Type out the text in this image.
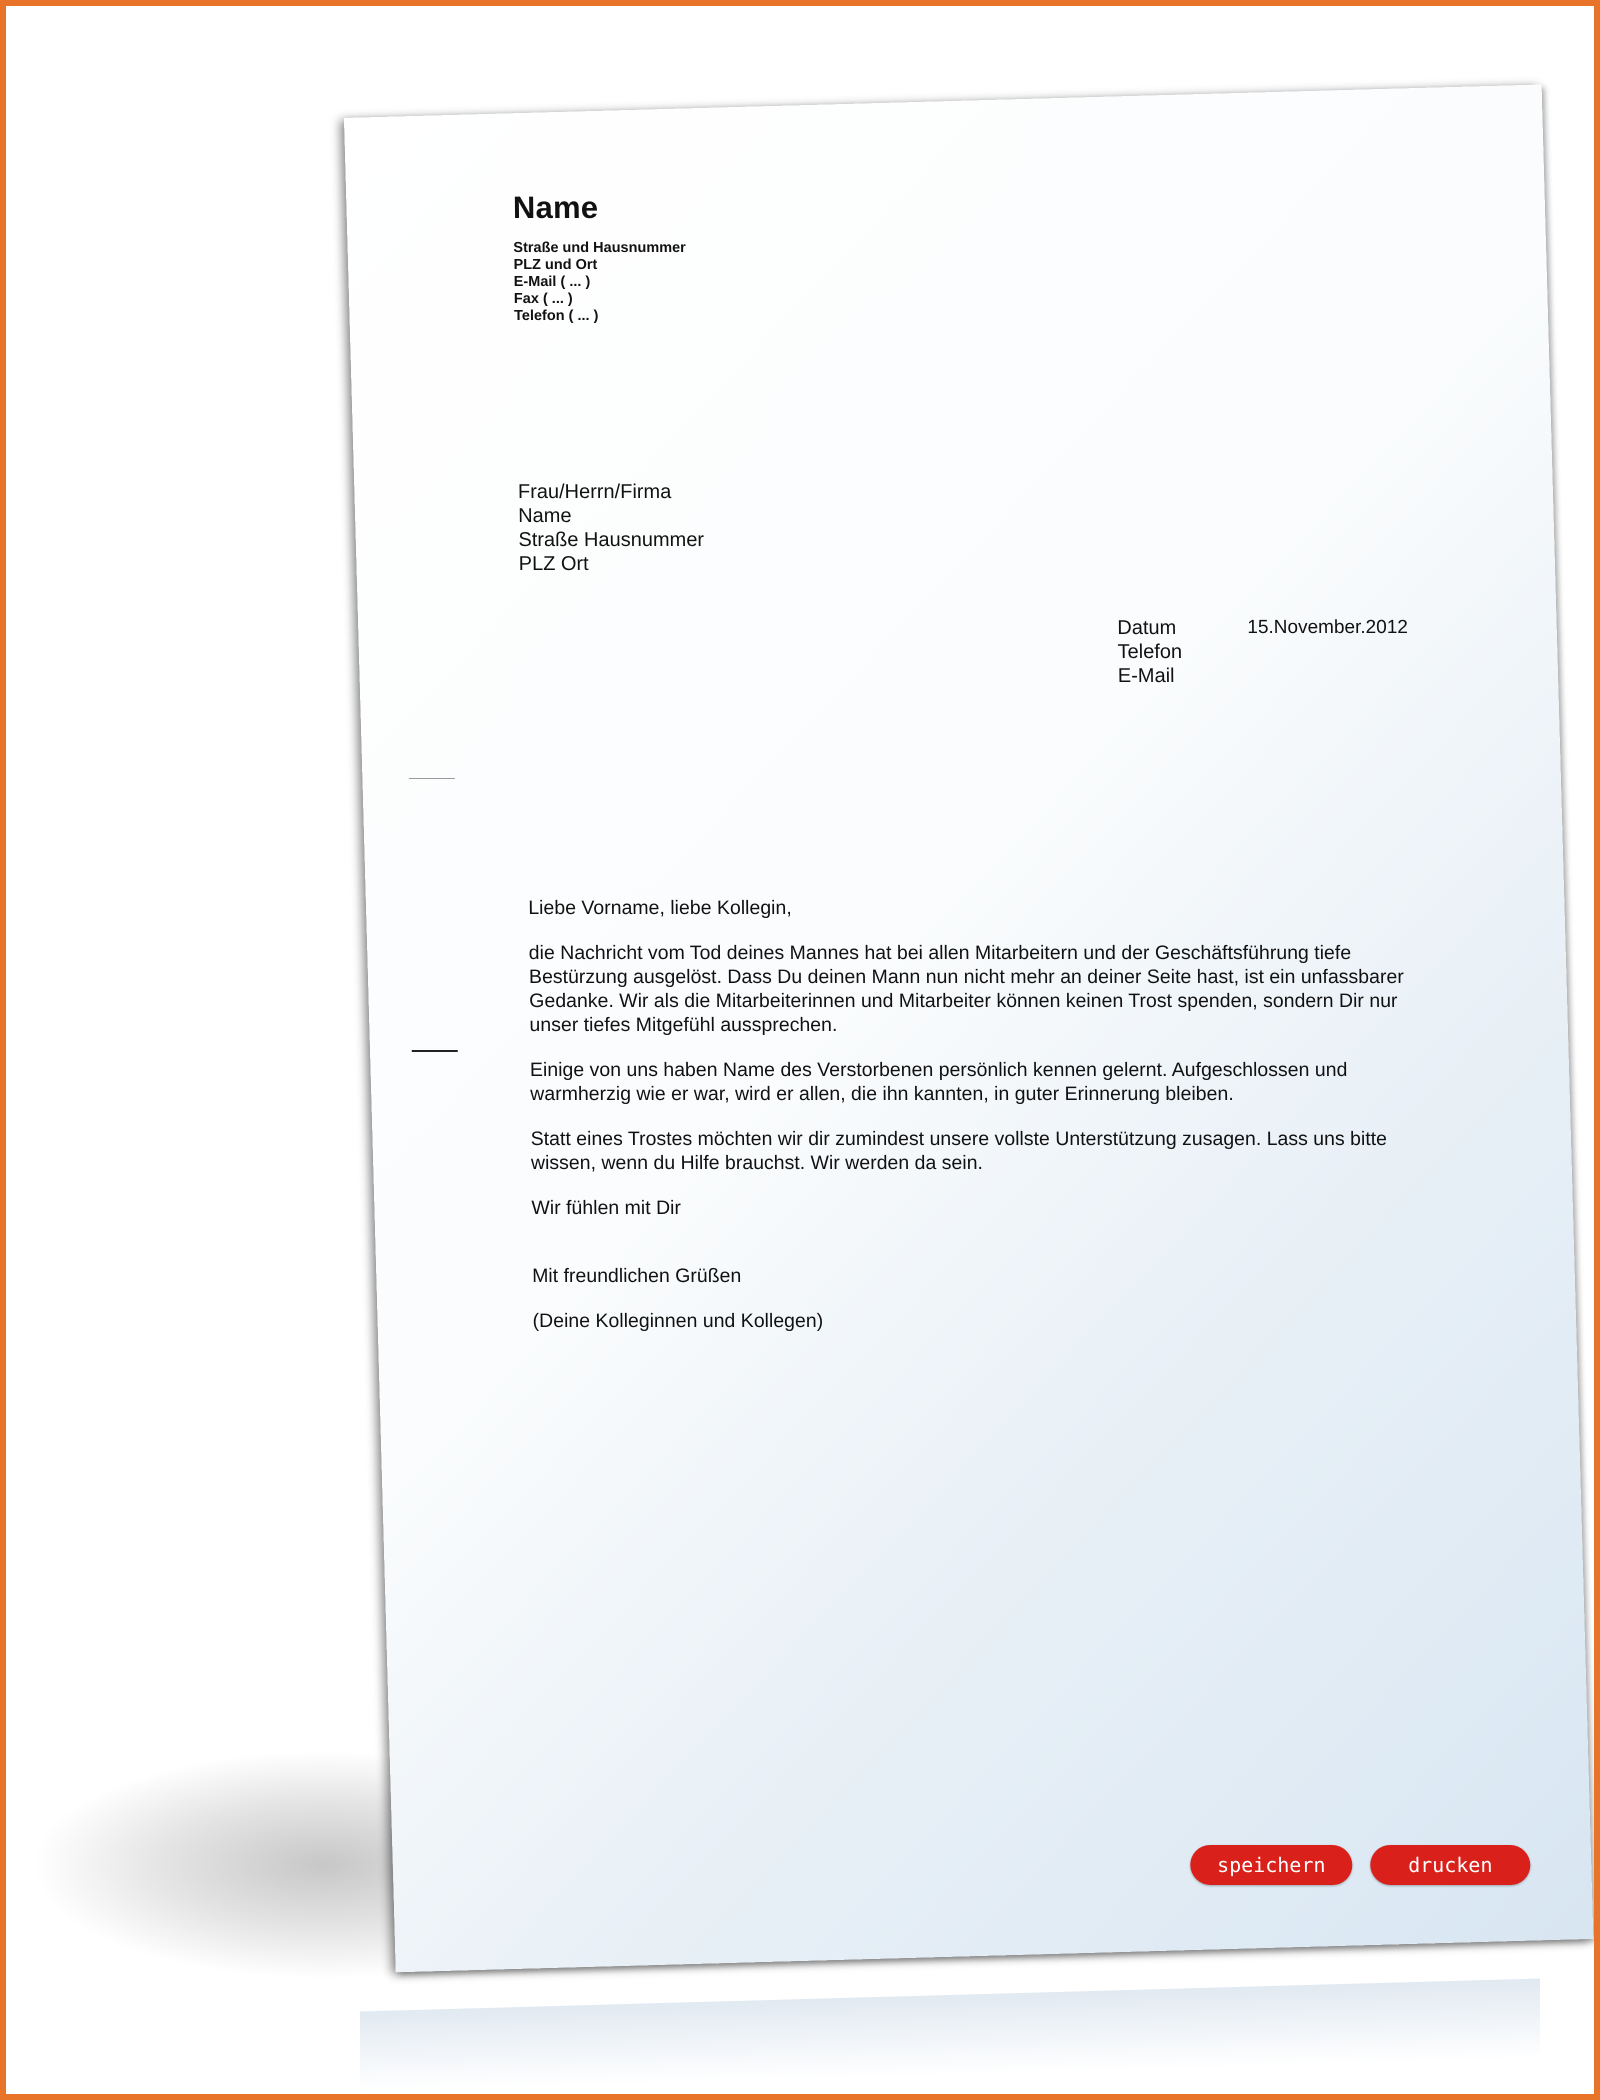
Name
Straße und Hausnummer
PLZ und Ort
E-Mail ( ... )
Fax ( ... )
Telefon ( ... )
Frau/Herrn/Firma
Name
Straße Hausnummer
PLZ Ort
Datum	15.November.2012
Telefon
E-Mail

Liebe Vorname, liebe Kollegin,

die Nachricht vom Tod deines Mannes hat bei allen Mitarbeitern und der Geschäftsführung tiefe Bestürzung ausgelöst. Dass Du deinen Mann nun nicht mehr an deiner Seite hast, ist ein unfassbarer Gedanke. Wir als die Mitarbeiterinnen und Mitarbeiter können keinen Trost spenden, sondern Dir nur unser tiefes Mitgefühl aussprechen.

Einige von uns haben Name des Verstorbenen persönlich kennen gelernt. Aufgeschlossen und warmherzig wie er war, wird er allen, die ihn kannten, in guter Erinnerung bleiben.

Statt eines Trostes möchten wir dir zumindest unsere vollste Unterstützung zusagen. Lass uns bitte wissen, wenn du Hilfe brauchst. Wir werden da sein.

Wir fühlen mit Dir

Mit freundlichen Grüßen

(Deine Kolleginnen und Kollegen)

speichern	drucken
